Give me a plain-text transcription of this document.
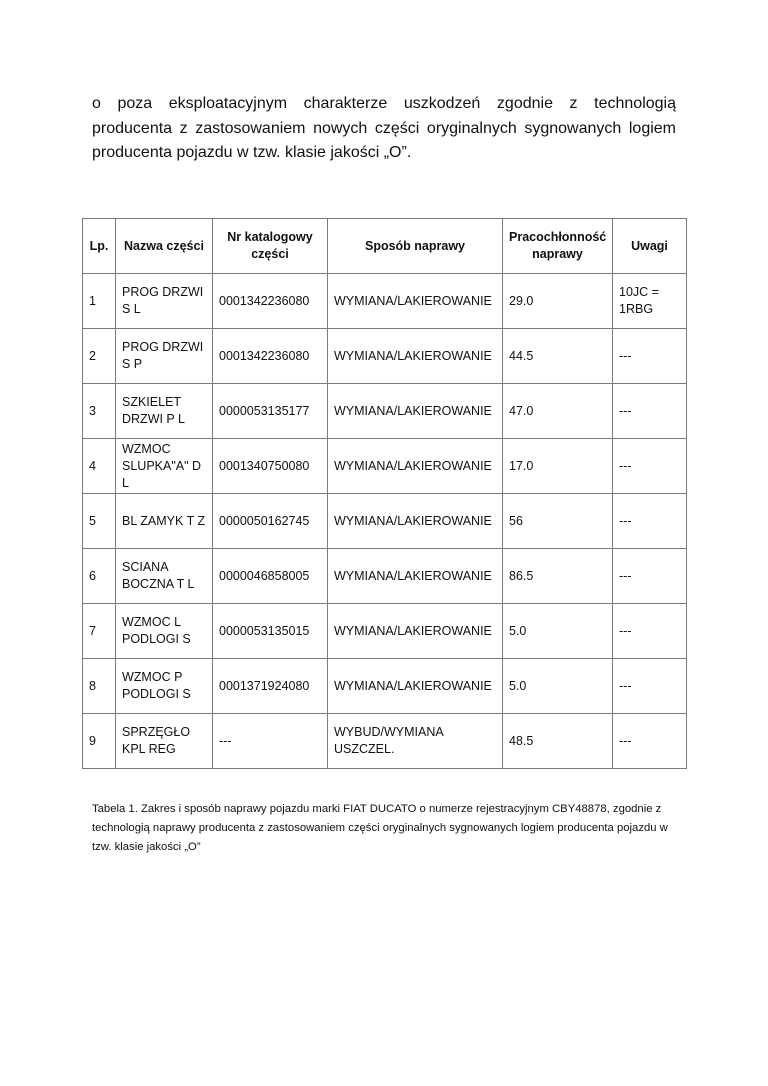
o poza eksploatacyjnym charakterze uszkodzeń zgodnie z technologią
producenta z zastosowaniem nowych części oryginalnych sygnowanych logiem
producenta pojazdu w tzw. klasie jakości „O”.
Lp.	Nazwa części	Nr katalogowy części	Sposób naprawy	Pracochłonność naprawy	Uwagi
1	PROG DRZWI S L	0001342236080	WYMIANA/LAKIEROWANIE	29.0	10JC = 1RBG
2	PROG DRZWI S P	0001342236080	WYMIANA/LAKIEROWANIE	44.5	---
3	SZKIELET DRZWI P L	0000053135177	WYMIANA/LAKIEROWANIE	47.0	---
4	WZMOC SLUPKA"A" D L	0001340750080	WYMIANA/LAKIEROWANIE	17.0	---
5	BL ZAMYK T Z	0000050162745	WYMIANA/LAKIEROWANIE	56	---
6	SCIANA BOCZNA T L	0000046858005	WYMIANA/LAKIEROWANIE	86.5	---
7	WZMOC L PODLOGI S	0000053135015	WYMIANA/LAKIEROWANIE	5.0	---
8	WZMOC P PODLOGI S	0001371924080	WYMIANA/LAKIEROWANIE	5.0	---
9	SPRZĘGŁO KPL REG	---	WYBUD/WYMIANA USZCZEL.	48.5	---
Tabela 1. Zakres i sposób naprawy pojazdu marki FIAT DUCATO o numerze rejestracyjnym CBY48878, zgodnie z technologią naprawy producenta z zastosowaniem części oryginalnych sygnowanych logiem producenta pojazdu w tzw. klasie jakości „O”
